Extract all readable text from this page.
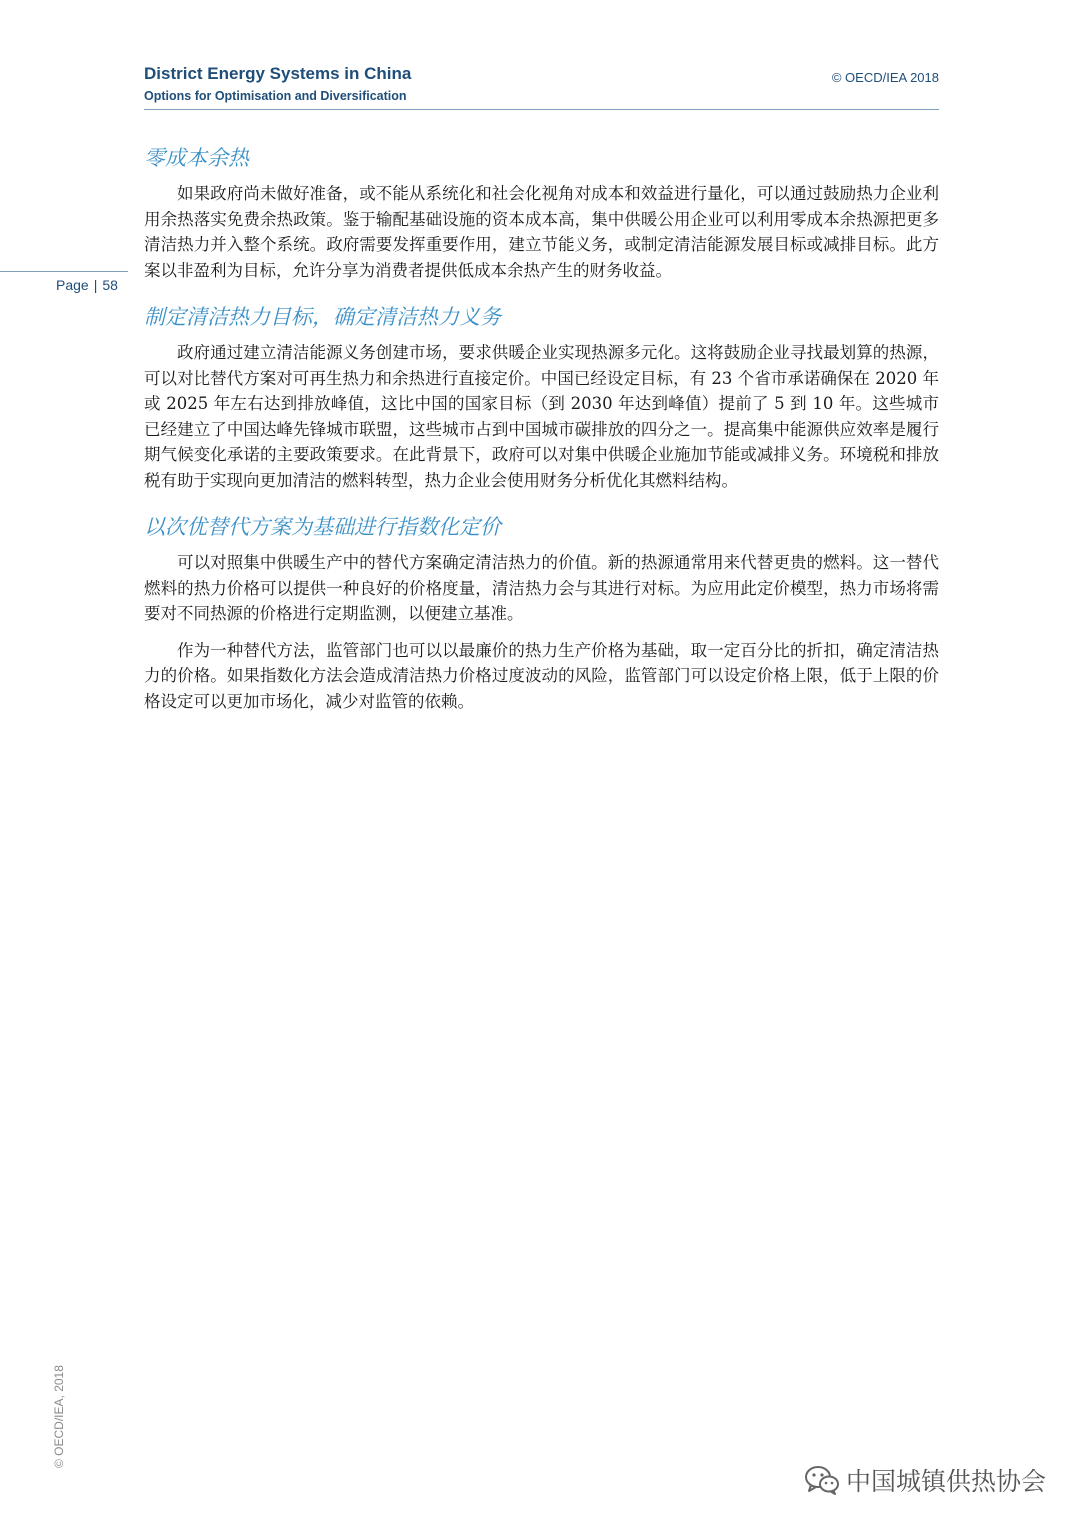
District Energy Systems in China
Options for Optimisation and Diversification
© OECD/IEA 2018
Page | 58
零成本余热

如果政府尚未做好准备，或不能从系统化和社会化视角对成本和效益进行量化，可以通过鼓励热力企业利用余热落实免费余热政策。鉴于输配基础设施的资本成本高，集中供暖公用企业可以利用零成本余热源把更多清洁热力并入整个系统。政府需要发挥重要作用，建立节能义务，或制定清洁能源发展目标或减排目标。此方案以非盈利为目标，允许分享为消费者提供低成本余热产生的财务收益。

制定清洁热力目标，确定清洁热力义务

政府通过建立清洁能源义务创建市场，要求供暖企业实现热源多元化。这将鼓励企业寻找最划算的热源，可以对比替代方案对可再生热力和余热进行直接定价。中国已经设定目标，有 23 个省市承诺确保在 2020 年或 2025 年左右达到排放峰值，这比中国的国家目标（到 2030 年达到峰值）提前了 5 到 10 年。这些城市已经建立了中国达峰先锋城市联盟，这些城市占到中国城市碳排放的四分之一。提高集中能源供应效率是履行期气候变化承诺的主要政策要求。在此背景下，政府可以对集中供暖企业施加节能或减排义务。环境税和排放税有助于实现向更加清洁的燃料转型，热力企业会使用财务分析优化其燃料结构。

以次优替代方案为基础进行指数化定价

可以对照集中供暖生产中的替代方案确定清洁热力的价值。新的热源通常用来代替更贵的燃料。这一替代燃料的热力价格可以提供一种良好的价格度量，清洁热力会与其进行对标。为应用此定价模型，热力市场将需要对不同热源的价格进行定期监测，以便建立基准。

作为一种替代方法，监管部门也可以以最廉价的热力生产价格为基础，取一定百分比的折扣，确定清洁热力的价格。如果指数化方法会造成清洁热力价格过度波动的风险，监管部门可以设定价格上限，低于上限的价格设定可以更加市场化，减少对监管的依赖。

© OECD/IEA, 2018
中国城镇供热协会
